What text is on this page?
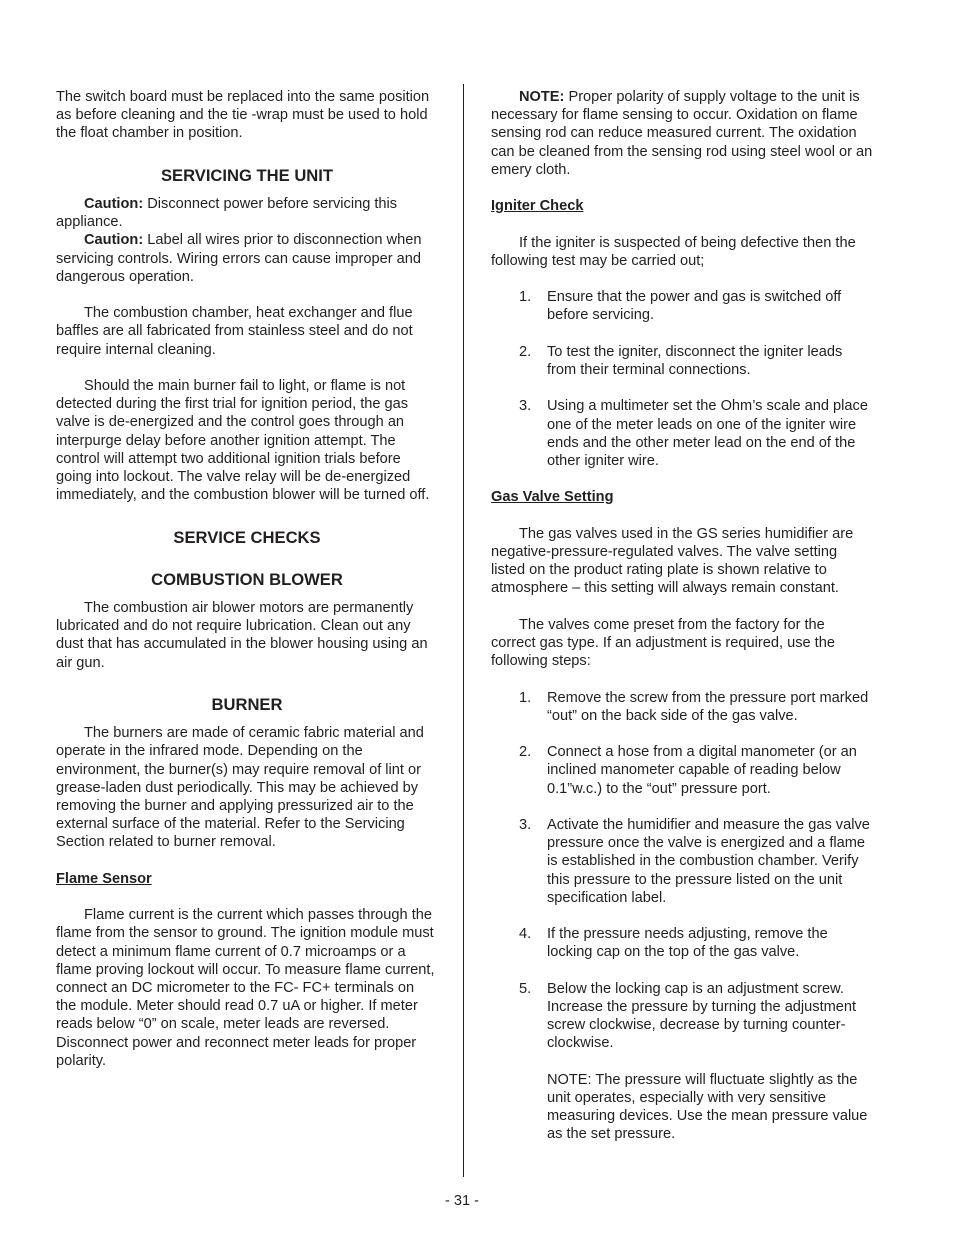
The switch board must be replaced into the same position as before cleaning and the tie -wrap must be used to hold the float chamber in position.

SERVICING THE UNIT

Caution: Disconnect power before servicing this appliance.

Caution: Label all wires prior to disconnection when servicing controls. Wiring errors can cause improper and dangerous operation.

The combustion chamber, heat exchanger and flue baffles are all fabricated from stainless steel and do not require internal cleaning.

Should the main burner fail to light, or flame is not detected during the first trial for ignition period, the gas valve is de-energized and the control goes through an interpurge delay before another ignition attempt. The control will attempt two additional ignition trials before going into lockout. The valve relay will be de-energized immediately, and the combustion blower will be turned off.

SERVICE CHECKS
COMBUSTION BLOWER

The combustion air blower motors are permanently lubricated and do not require lubrication. Clean out any dust that has accumulated in the blower housing using an air gun.

BURNER

The burners are made of ceramic fabric material and operate in the infrared mode. Depending on the environment, the burner(s) may require removal of lint or grease-laden dust periodically. This may be achieved by removing the burner and applying pressurized air to the external surface of the material. Refer to the Servicing Section related to burner removal.

Flame Sensor

Flame current is the current which passes through the flame from the sensor to ground. The ignition module must detect a minimum flame current of 0.7 microamps or a flame proving lockout will occur. To measure flame current, connect an DC micrometer to the FC- FC+ terminals on the module. Meter should read 0.7 uA or higher. If meter reads below “0” on scale, meter leads are reversed. Disconnect power and reconnect meter leads for proper polarity.

NOTE: Proper polarity of supply voltage to the unit is necessary for flame sensing to occur. Oxidation on flame sensing rod can reduce measured current. The oxidation can be cleaned from the sensing rod using steel wool or an emery cloth.

Igniter Check

If the igniter is suspected of being defective then the following test may be carried out;

1. Ensure that the power and gas is switched off before servicing.
2. To test the igniter, disconnect the igniter leads from their terminal connections.
3. Using a multimeter set the Ohm’s scale and place one of the meter leads on one of the igniter wire ends and the other meter lead on the end of the other igniter wire.

Gas Valve Setting

The gas valves used in the GS series humidifier are negative-pressure-regulated valves. The valve setting listed on the product rating plate is shown relative to atmosphere – this setting will always remain constant.

The valves come preset from the factory for the correct gas type. If an adjustment is required, use the following steps:

1. Remove the screw from the pressure port marked “out” on the back side of the gas valve.
2. Connect a hose from a digital manometer (or an inclined manometer capable of reading below 0.1”w.c.) to the “out” pressure port.
3. Activate the humidifier and measure the gas valve pressure once the valve is energized and a flame is established in the combustion chamber. Verify this pressure to the pressure listed on the unit specification label.
4. If the pressure needs adjusting, remove the locking cap on the top of the gas valve.
5. Below the locking cap is an adjustment screw. Increase the pressure by turning the adjustment screw clockwise, decrease by turning counter-clockwise.
NOTE: The pressure will fluctuate slightly as the unit operates, especially with very sensitive measuring devices. Use the mean pressure value as the set pressure.
- 31 -
